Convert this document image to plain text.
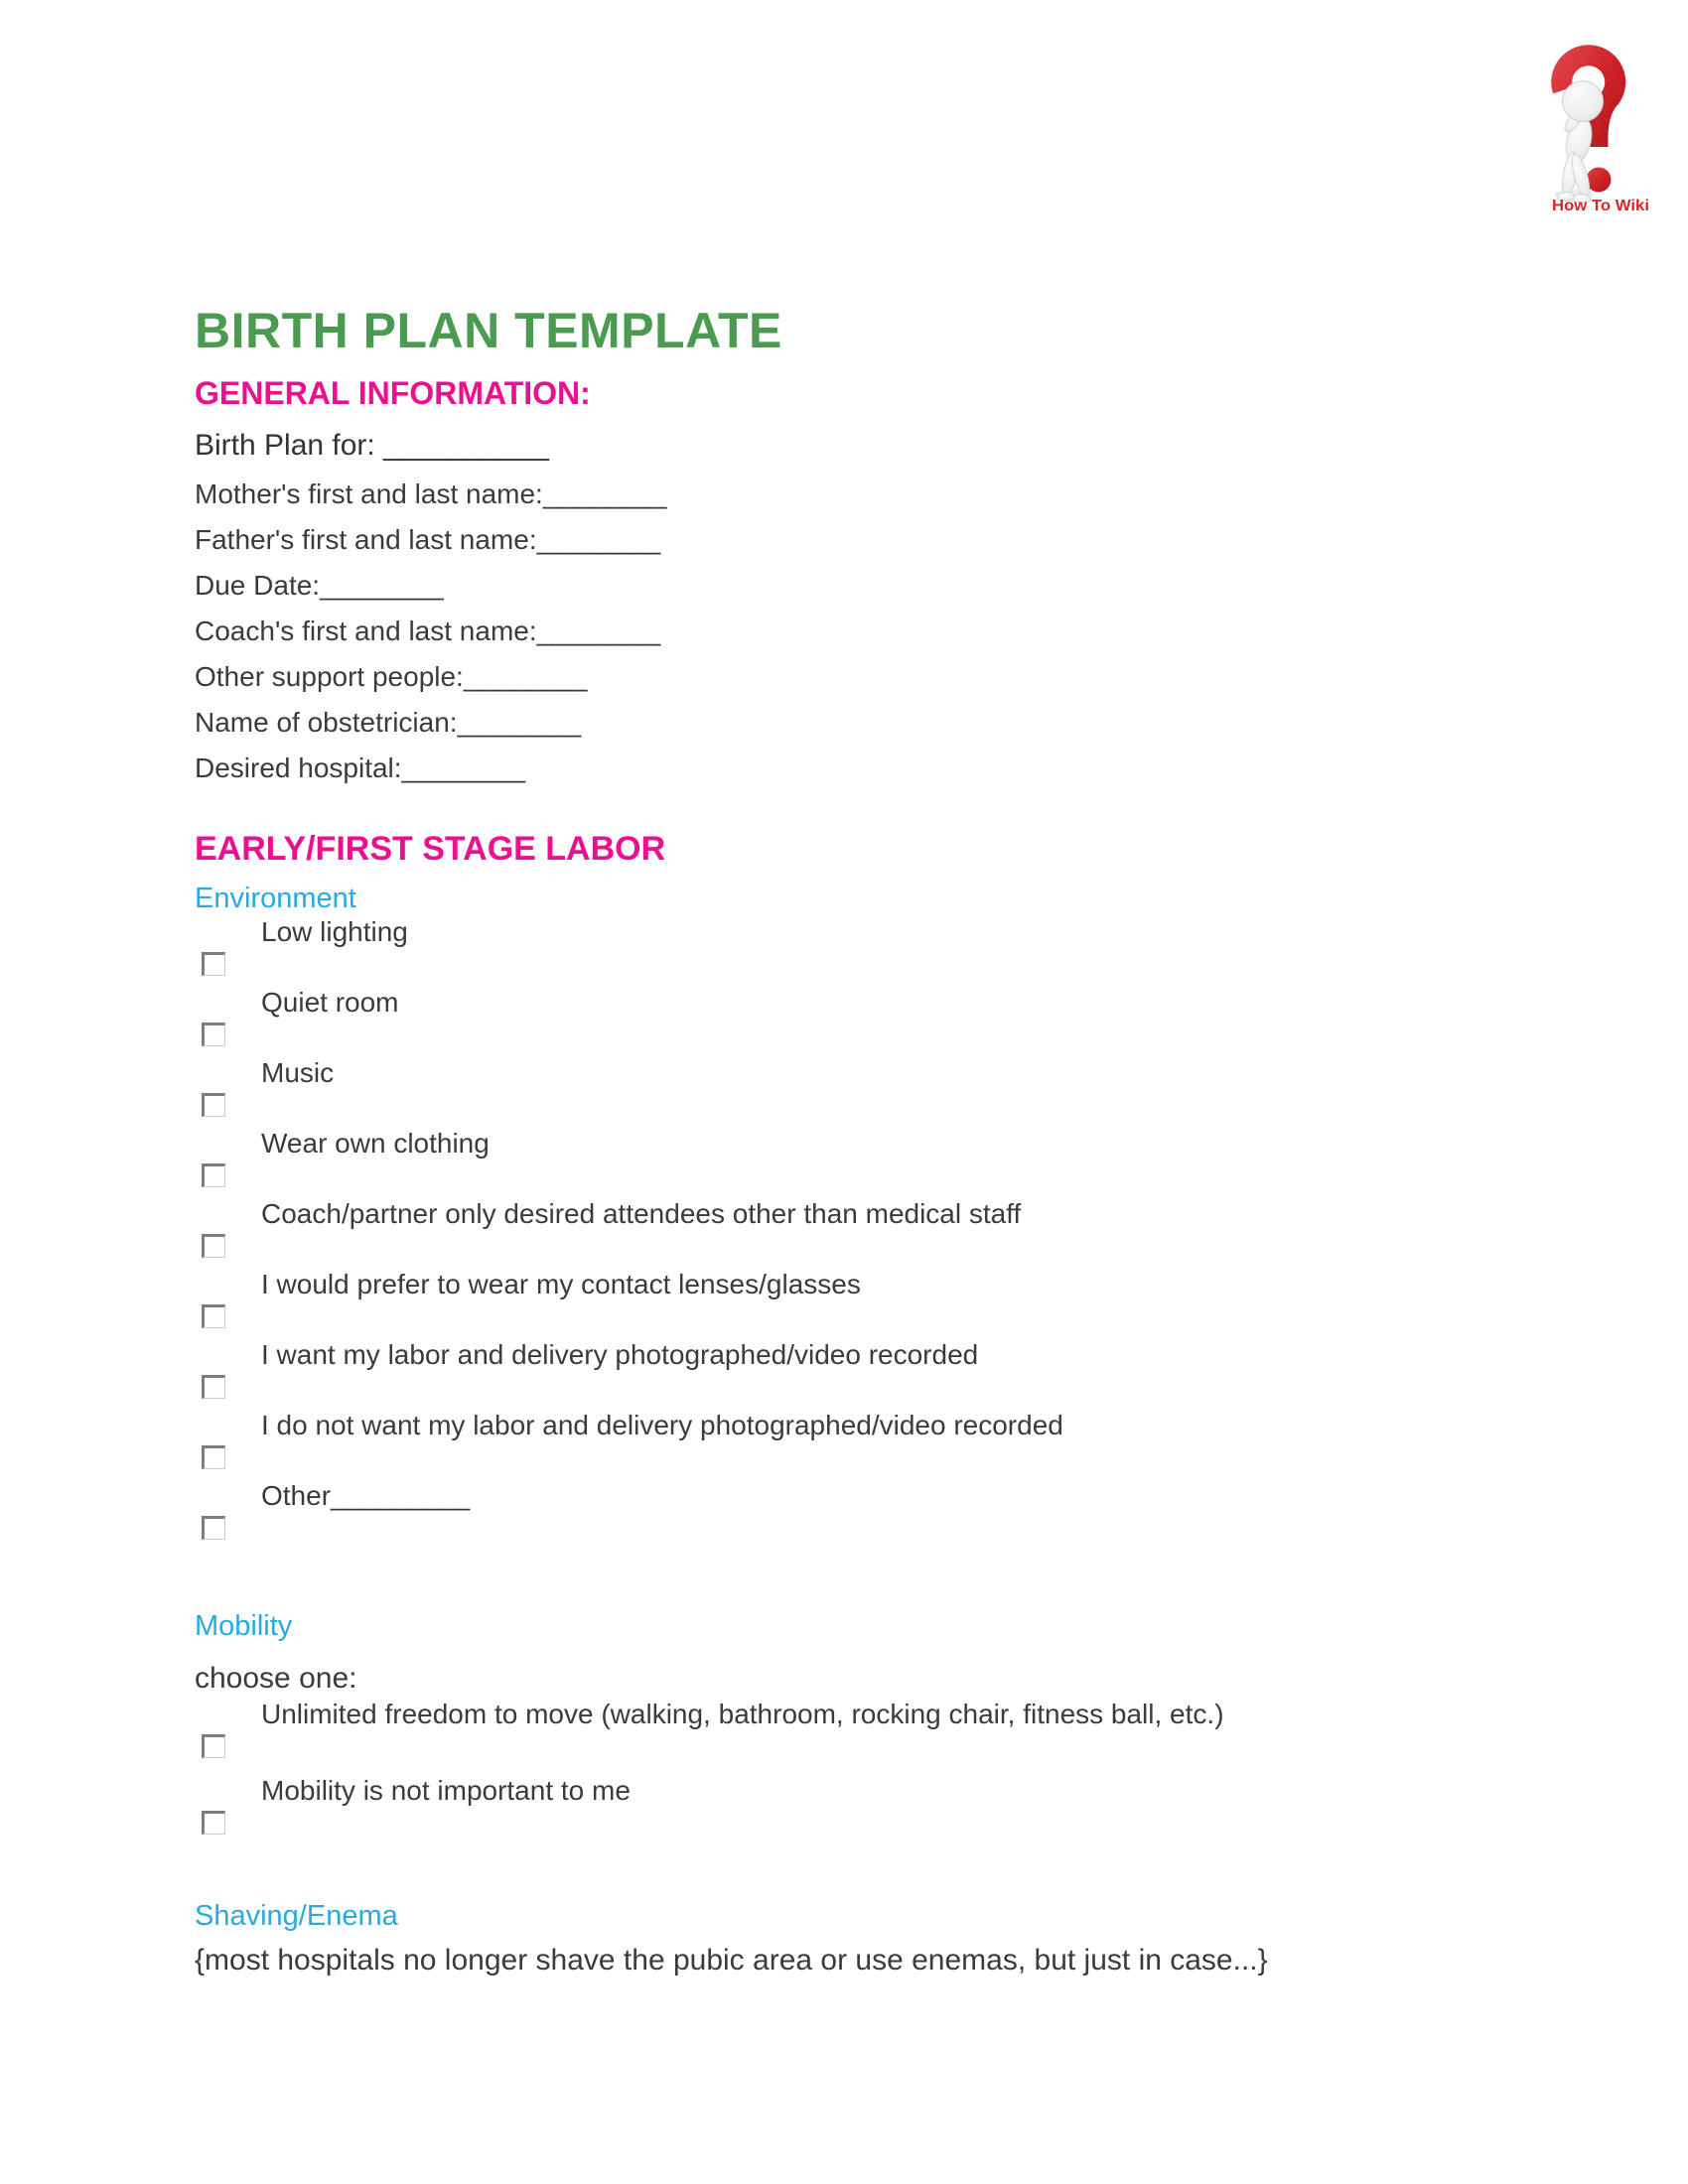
How To Wiki
BIRTH PLAN TEMPLATE
GENERAL INFORMATION:
Birth Plan for: __________
Mother's first and last name:________
Father's first and last name:________
Due Date:________
Coach's first and last name:________
Other support people:________
Name of obstetrician:________
Desired hospital:________
EARLY/FIRST STAGE LABOR
Environment
Low lighting
Quiet room
Music
Wear own clothing
Coach/partner only desired attendees other than medical staff
I would prefer to wear my contact lenses/glasses
I want my labor and delivery photographed/video recorded
I do not want my labor and delivery photographed/video recorded
Other_________
Mobility
choose one:
Unlimited freedom to move (walking, bathroom, rocking chair, fitness ball, etc.)
Mobility is not important to me
Shaving/Enema
{most hospitals no longer shave the pubic area or use enemas, but just in case...}
